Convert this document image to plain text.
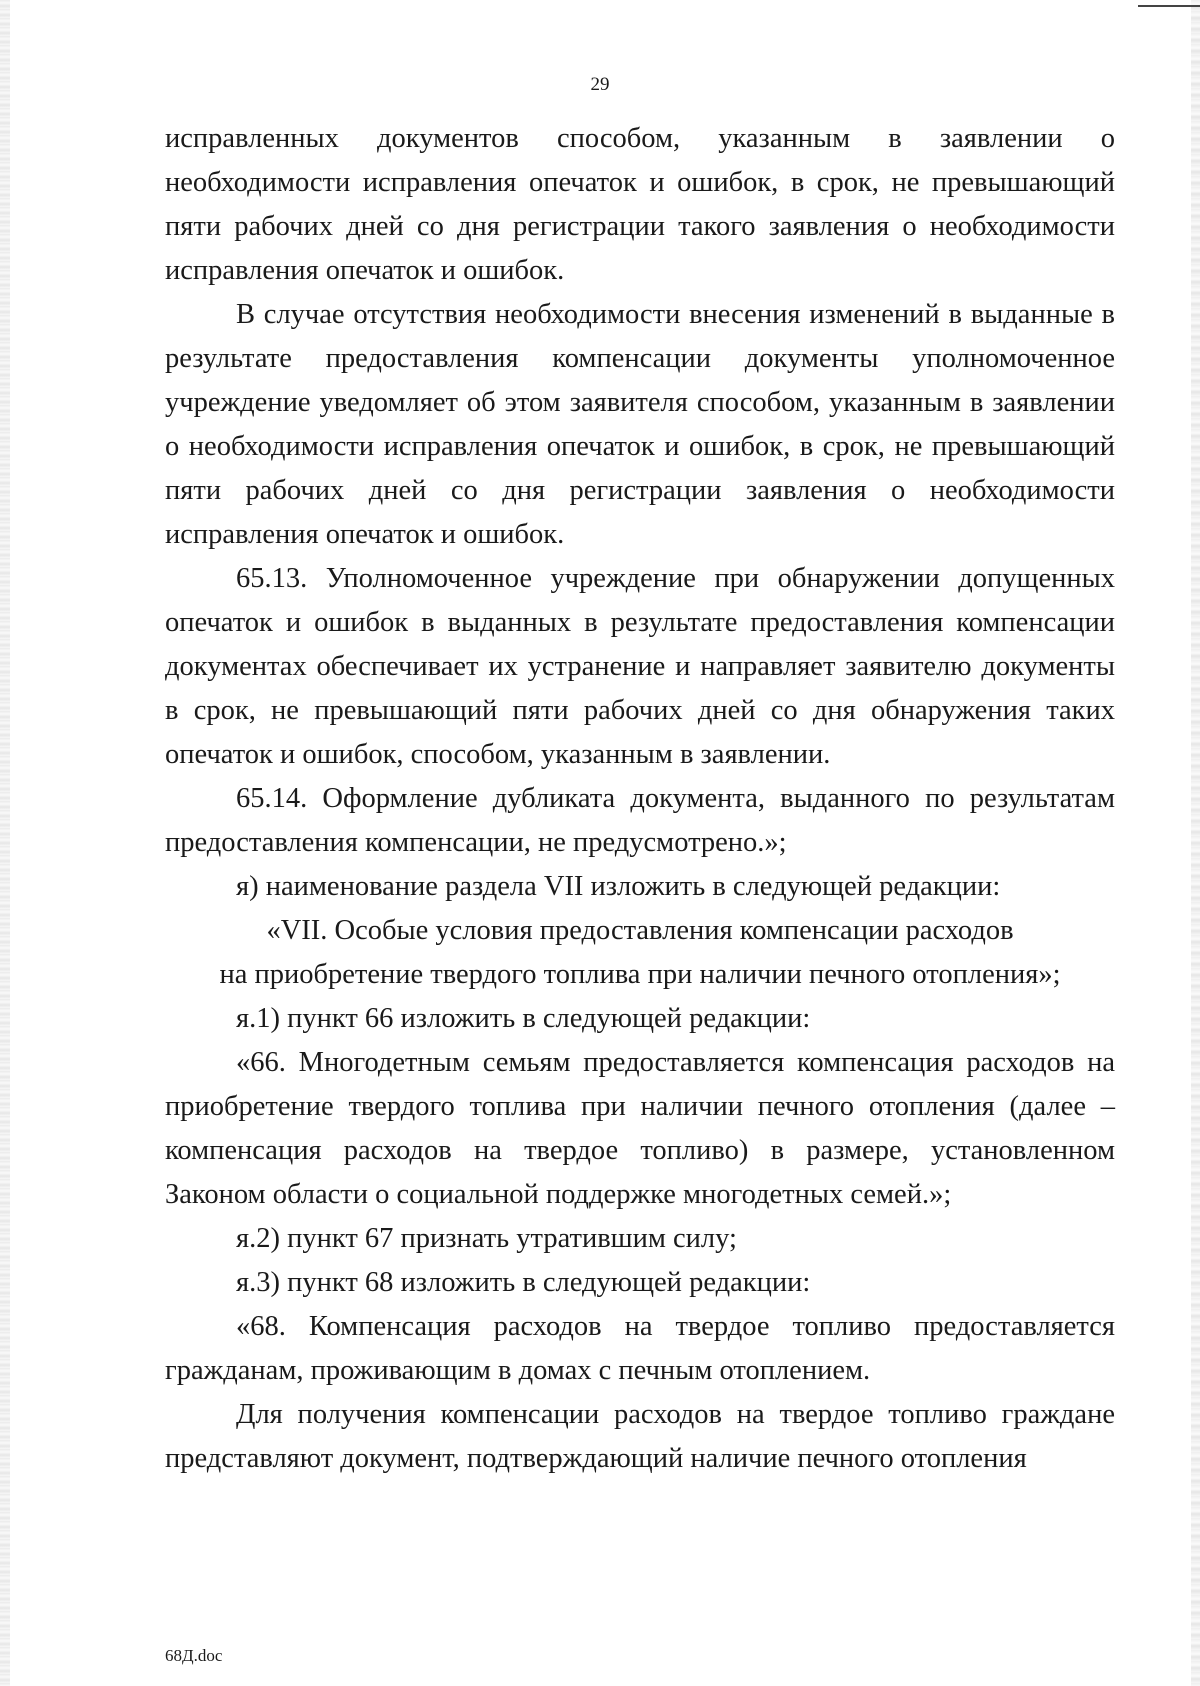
29

исправленных документов способом, указанным в заявлении о необходимости исправления опечаток и ошибок, в срок, не превышающий пяти рабочих дней со дня регистрации такого заявления о необходимости исправления опечаток и ошибок.

В случае отсутствия необходимости внесения изменений в выданные в результате предоставления компенсации документы уполномоченное учреждение уведомляет об этом заявителя способом, указанным в заявлении о необходимости исправления опечаток и ошибок, в срок, не превышающий пяти рабочих дней со дня регистрации заявления о необходимости исправления опечаток и ошибок.

65.13. Уполномоченное учреждение при обнаружении допущенных опечаток и ошибок в выданных в результате предоставления компенсации документах обеспечивает их устранение и направляет заявителю документы в срок, не превышающий пяти рабочих дней со дня обнаружения таких опечаток и ошибок, способом, указанным в заявлении.

65.14. Оформление дубликата документа, выданного по результатам предоставления компенсации, не предусмотрено.»;

я) наименование раздела VII изложить в следующей редакции:

«VII. Особые условия предоставления компенсации расходов

на приобретение твердого топлива при наличии печного отопления»;

я.1) пункт 66 изложить в следующей редакции:

«66. Многодетным семьям предоставляется компенсация расходов на приобретение твердого топлива при наличии печного отопления (далее – компенсация расходов на твердое топливо) в размере, установленном Законом области о социальной поддержке многодетных семей.»;

я.2) пункт 67 признать утратившим силу;

я.3) пункт 68 изложить в следующей редакции:

«68. Компенсация расходов на твердое топливо предоставляется гражданам, проживающим в домах с печным отоплением.

Для получения компенсации расходов на твердое топливо граждане представляют документ, подтверждающий наличие печного отопления

68Д.doc
